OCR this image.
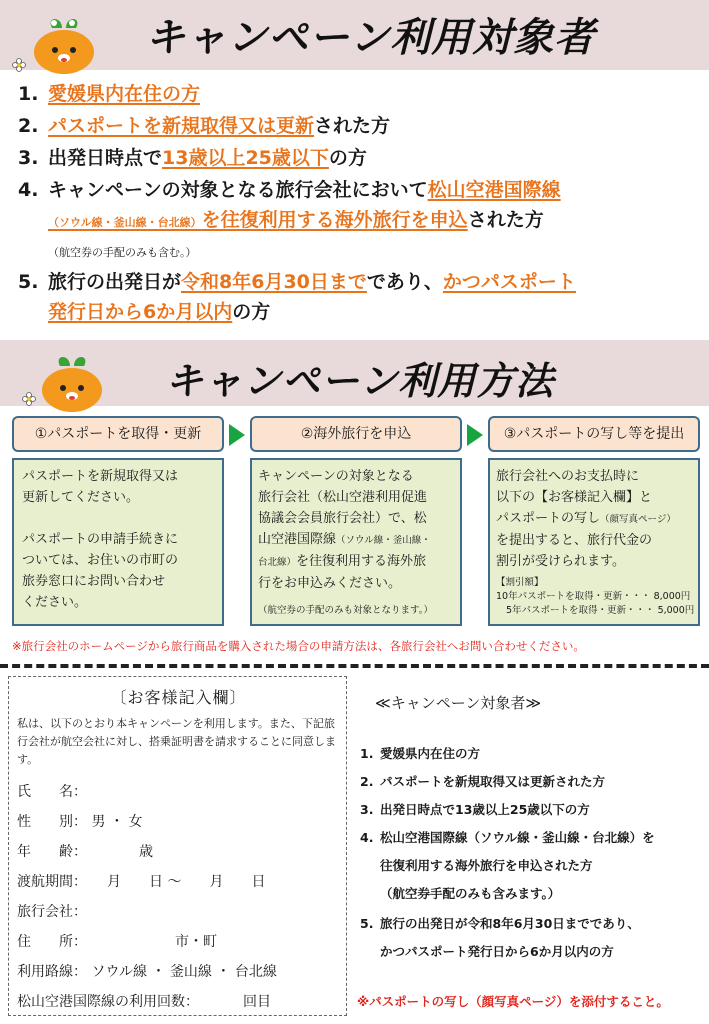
キャンペーン利用対象者
1. 愛媛県内在住の方
2. パスポートを新規取得又は更新された方
3. 出発日時点で13歳以上25歳以下の方
4. キャンペーンの対象となる旅行会社において松山空港国際線
（ソウル線・釜山線・台北線）を往復利用する海外旅行を申込された方
（航空券の手配のみも含む。）
5. 旅行の出発日が令和8年6月30日までであり、かつパスポート
発行日から6か月以内の方
キャンペーン利用方法
①パスポートを取得・更新	②海外旅行を申込	③パスポートの写し等を提出
パスポートを新規取得又は
更新してください。
パスポートの申請手続きに
ついては、お住いの市町の
旅券窓口にお問い合わせ
ください。
キャンペーンの対象となる
旅行会社（松山空港利用促進
協議会会員旅行会社）で、松
山空港国際線（ソウル線・釜山線・
台北線）を往復利用する海外旅
行をお申込みください。
（航空券の手配のみも対象となります。）
旅行会社へのお支払時に
以下の【お客様記入欄】と
パスポートの写し（顔写真ページ）
を提出すると、旅行代金の
割引が受けられます。
【割引額】
10年パスポートを取得・更新・・・ 8,000円
5年パスポートを取得・更新・・・ 5,000円
※旅行会社のホームページから旅行商品を購入された場合の申請方法は、各旅行会社へお問い合わせください。
〔お客様記入欄〕
私は、以下のとおり本キャンペーンを利用します。また、下記旅行会社が航空会社に対し、搭乗証明書を請求することに同意します。
氏　　名：
性　　別： 男 ・ 女
年　　齢：	歳
渡航期間： 月　　日 〜　　月　　日
旅行会社：
住　　所：	市・町
利用路線： ソウル線 ・ 釜山線 ・ 台北線
松山空港国際線の利用回数：	回目
≪キャンペーン対象者≫
1. 愛媛県内在住の方
2. パスポートを新規取得又は更新された方
3. 出発日時点で13歳以上25歳以下の方
4. 松山空港国際線（ソウル線・釜山線・台北線）を
往復利用する海外旅行を申込された方
（航空券手配のみも含みます。）
5. 旅行の出発日が令和8年6月30日までであり、
かつパスポート発行日から6か月以内の方
※パスポートの写し（顔写真ページ）を添付すること。
